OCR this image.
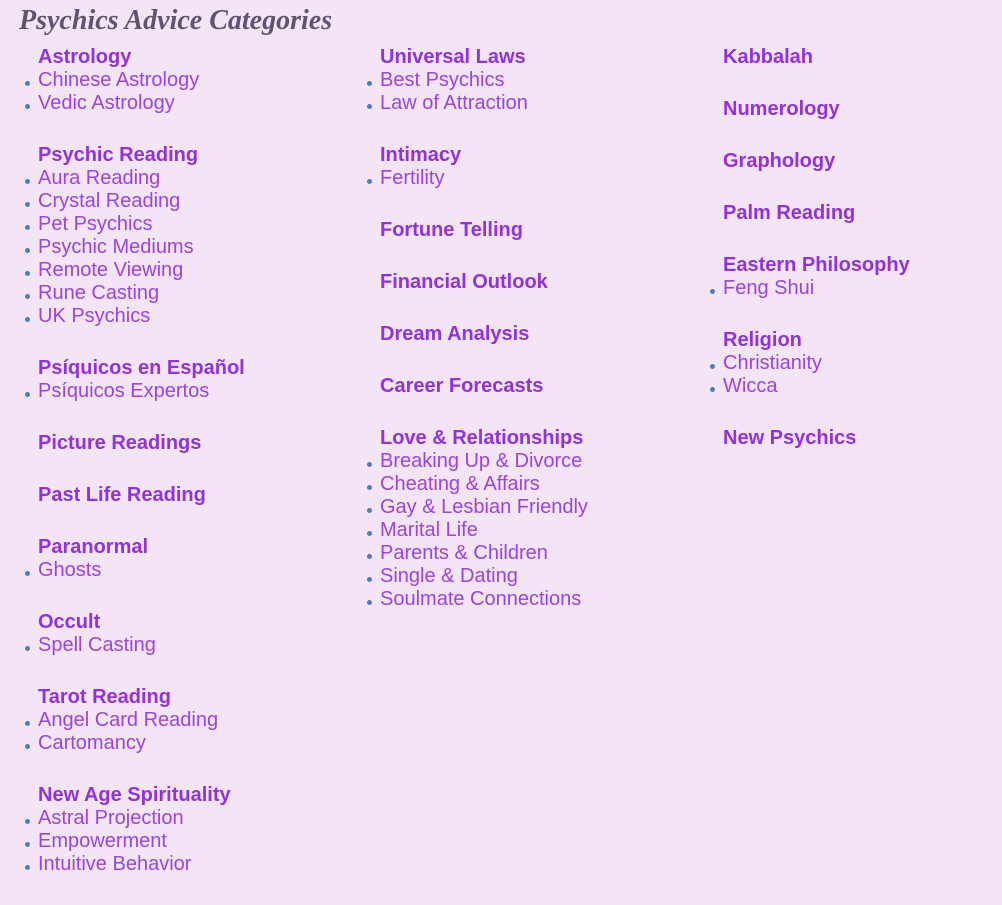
Psychics Advice Categories
Astrology
Chinese Astrology
Vedic Astrology
Psychic Reading
Aura Reading
Crystal Reading
Pet Psychics
Psychic Mediums
Remote Viewing
Rune Casting
UK Psychics
Psíquicos en Español
Psíquicos Expertos
Picture Readings
Past Life Reading
Paranormal
Ghosts
Occult
Spell Casting
Tarot Reading
Angel Card Reading
Cartomancy
New Age Spirituality
Astral Projection
Empowerment
Intuitive Behavior
Universal Laws
Best Psychics
Law of Attraction
Intimacy
Fertility
Fortune Telling
Financial Outlook
Dream Analysis
Career Forecasts
Love & Relationships
Breaking Up & Divorce
Cheating & Affairs
Gay & Lesbian Friendly
Marital Life
Parents & Children
Single & Dating
Soulmate Connections
Kabbalah
Numerology
Graphology
Palm Reading
Eastern Philosophy
Feng Shui
Religion
Christianity
Wicca
New Psychics
